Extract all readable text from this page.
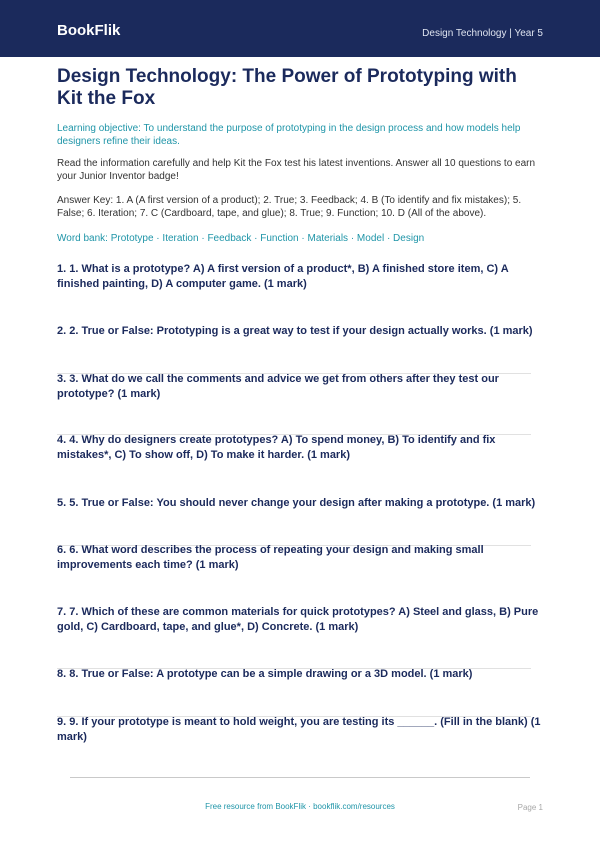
BookFlik	Design Technology | Year 5
Design Technology: The Power of Prototyping with Kit the Fox

Learning objective: To understand the purpose of prototyping in the design process and how models help designers refine their ideas.

Read the information carefully and help Kit the Fox test his latest inventions. Answer all 10 questions to earn your Junior Inventor badge!

Answer Key: 1. A (A first version of a product); 2. True; 3. Feedback; 4. B (To identify and fix mistakes); 5. False; 6. Iteration; 7. C (Cardboard, tape, and glue); 8. True; 9. Function; 10. D (All of the above).

Word bank: Prototype · Iteration · Feedback · Function · Materials · Model · Design

1. 1. What is a prototype? A) A first version of a product*, B) A finished store item, C) A finished painting, D) A computer game. (1 mark)
2. 2. True or False: Prototyping is a great way to test if your design actually works. (1 mark)
3. 3. What do we call the comments and advice we get from others after they test our prototype? (1 mark)
4. 4. Why do designers create prototypes? A) To spend money, B) To identify and fix mistakes*, C) To show off, D) To make it harder. (1 mark)
5. 5. True or False: You should never change your design after making a prototype. (1 mark)
6. 6. What word describes the process of repeating your design and making small improvements each time? (1 mark)
7. 7. Which of these are common materials for quick prototypes? A) Steel and glass, B) Pure gold, C) Cardboard, tape, and glue*, D) Concrete. (1 mark)
8. 8. True or False: A prototype can be a simple drawing or a 3D model. (1 mark)
9. 9. If your prototype is meant to hold weight, you are testing its ______. (Fill in the blank) (1 mark)
Free resource from BookFlik · bookflik.com/resources	Page 1
